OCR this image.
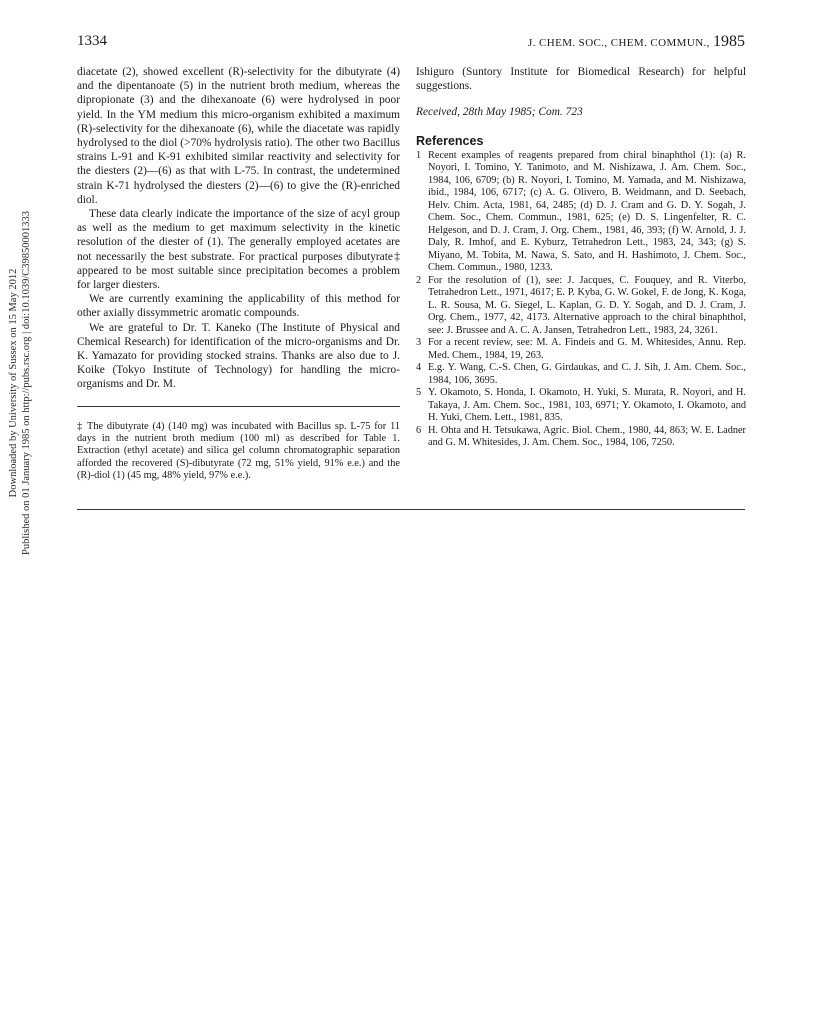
Downloaded by University of Sussex on 15 May 2012 Published on 01 January 1985 on http://pubs.rsc.org | doi:10.1039/C39850001333
1334	J. CHEM. SOC., CHEM. COMMUN., 1985

diacetate (2), showed excellent (R)-selectivity for the dibutyrate (4) and the dipentanoate (5) in the nutrient broth medium, whereas the dipropionate (3) and the dihexanoate (6) were hydrolysed in poor yield. In the YM medium this micro-organism exhibited a maximum (R)-selectivity for the dihexanoate (6), while the diacetate was rapidly hydrolysed to the diol (>70% hydrolysis ratio). The other two Bacillus strains L-91 and K-91 exhibited similar reactivity and selectivity for the diesters (2)—(6) as that with L-75. In contrast, the undetermined strain K-71 hydrolysed the diesters (2)—(6) to give the (R)-enriched diol.

These data clearly indicate the importance of the size of acyl group as well as the medium to get maximum selectivity in the kinetic resolution of the diester of (1). The generally employed acetates are not necessarily the best substrate. For practical purposes dibutyrate‡ appeared to be most suitable since precipitation becomes a problem for larger diesters.

We are currently examining the applicability of this method for other axially dissymmetric aromatic compounds.

We are grateful to Dr. T. Kaneko (The Institute of Physical and Chemical Research) for identification of the micro-organisms and Dr. K. Yamazato for providing stocked strains. Thanks are also due to J. Koike (Tokyo Institute of Technology) for handling the micro-organisms and Dr. M.

‡ The dibutyrate (4) (140 mg) was incubated with Bacillus sp. L-75 for 11 days in the nutrient broth medium (100 ml) as described for Table 1. Extraction (ethyl acetate) and silica gel column chromatographic separation afforded the recovered (S)-dibutyrate (72 mg, 51% yield, 91% e.e.) and the (R)-diol (1) (45 mg, 48% yield, 97% e.e.).

Ishiguro (Suntory Institute for Biomedical Research) for helpful suggestions.

Received, 28th May 1985; Com. 723

References

1 Recent examples of reagents prepared from chiral binaphthol (1): (a) R. Noyori, I. Tomino, Y. Tanimoto, and M. Nishizawa, J. Am. Chem. Soc., 1984, 106, 6709; (b) R. Noyori, I. Tomino, M. Yamada, and M. Nishizawa, ibid., 1984, 106, 6717; (c) A. G. Olivero, B. Weidmann, and D. Seebach, Helv. Chim. Acta, 1981, 64, 2485; (d) D. J. Cram and G. D. Y. Sogah, J. Chem. Soc., Chem. Commun., 1981, 625; (e) D. S. Lingenfelter, R. C. Helgeson, and D. J. Cram, J. Org. Chem., 1981, 46, 393; (f) W. Arnold, J. J. Daly, R. Imhof, and E. Kyburz, Tetrahedron Lett., 1983, 24, 343; (g) S. Miyano, M. Tobita, M. Nawa, S. Sato, and H. Hashimoto, J. Chem. Soc., Chem. Commun., 1980, 1233.

2 For the resolution of (1), see: J. Jacques, C. Fouquey, and R. Viterbo, Tetrahedron Lett., 1971, 4617; E. P. Kyba, G. W. Gokel, F. de Jong, K. Koga, L. R. Sousa, M. G. Siegel, L. Kaplan, G. D. Y. Sogah, and D. J. Cram, J. Org. Chem., 1977, 42, 4173. Alternative approach to the chiral binaphthol, see: J. Brussee and A. C. A. Jansen, Tetrahedron Lett., 1983, 24, 3261.

3 For a recent review, see: M. A. Findeis and G. M. Whitesides, Annu. Rep. Med. Chem., 1984, 19, 263.

4 E.g. Y. Wang, C.-S. Chen, G. Girdaukas, and C. J. Sih, J. Am. Chem. Soc., 1984, 106, 3695.

5 Y. Okamoto, S. Honda, I. Okamoto, H. Yuki, S. Murata, R. Noyori, and H. Takaya, J. Am. Chem. Soc., 1981, 103, 6971; Y. Okamoto, I. Okamoto, and H. Yuki, Chem. Lett., 1981, 835.

6 H. Ohta and H. Tetsukawa, Agric. Biol. Chem., 1980, 44, 863; W. E. Ladner and G. M. Whitesides, J. Am. Chem. Soc., 1984, 106, 7250.
